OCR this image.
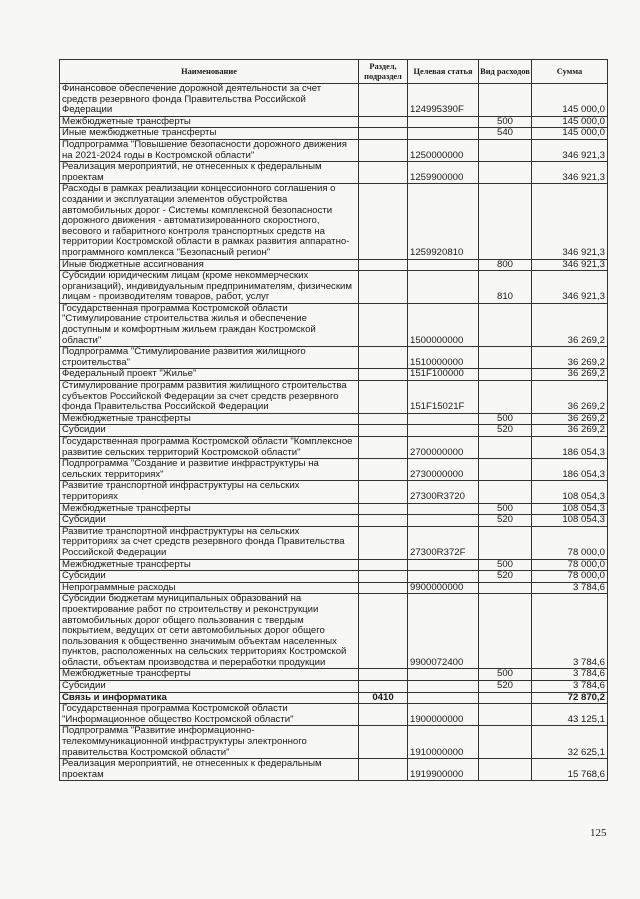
Наименование	Раздел, подраздел	Целевая статья	Вид расходов	Сумма
Финансовое обеспечение дорожной деятельности за счет средств резервного фонда Правительства Российской Федерации		124995390F		145 000,0
Межбюджетные трансферты			500	145 000,0
Иные межбюджетные трансферты			540	145 000,0
Подпрограмма "Повышение безопасности дорожного движения на 2021-2024 годы в Костромской области"		1250000000		346 921,3
Реализация мероприятий, не отнесенных к федеральным проектам		1259900000		346 921,3
Расходы в рамках реализации концессионного соглашения о создании и эксплуатации элементов обустройства автомобильных дорог - Системы комплексной безопасности дорожного движения - автоматизированного скоростного, весового и габаритного контроля транспортных средств на территории Костромской области в рамках развития аппаратно-программного комплекса "Безопасный регион"		1259920810		346 921,3
Иные бюджетные ассигнования			800	346 921,3
Субсидии юридическим лицам (кроме некоммерческих организаций), индивидуальным предпринимателям, физическим лицам - производителям товаров, работ, услуг			810	346 921,3
Государственная программа Костромской области "Стимулирование строительства жилья и обеспечение доступным и комфортным жильем граждан Костромской области"		1500000000		36 269,2
Подпрограмма "Стимулирование развития жилищного строительства"		1510000000		36 269,2
Федеральный проект "Жилье"		151F100000		36 269,2
Стимулирование программ развития жилищного строительства субъектов Российской Федерации за счет средств резервного фонда Правительства Российской Федерации		151F15021F		36 269,2
Межбюджетные трансферты			500	36 269,2
Субсидии			520	36 269,2
Государственная программа Костромской области "Комплексное развитие сельских территорий Костромской области"		2700000000		186 054,3
Подпрограмма "Создание и развитие инфраструктуры на сельских территориях"		2730000000		186 054,3
Развитие транспортной инфраструктуры на сельских территориях		27300R3720		108 054,3
Межбюджетные трансферты			500	108 054,3
Субсидии			520	108 054,3
Развитие транспортной инфраструктуры на сельских территориях за счет средств резервного фонда Правительства Российской Федерации		27300R372F		78 000,0
Межбюджетные трансферты			500	78 000,0
Субсидии			520	78 000,0
Непрограммные расходы		9900000000		3 784,6
Субсидии бюджетам муниципальных образований на проектирование работ по строительству и реконструкции автомобильных дорог общего пользования с твердым покрытием, ведущих от сети автомобильных дорог общего пользования к общественно значимым объектам населенных пунктов, расположенных на сельских территориях Костромской области, объектам производства и переработки продукции		9900072400		3 784,6
Межбюджетные трансферты			500	3 784,6
Субсидии			520	3 784,6
Связь и информатика	0410			72 870,2
Государственная программа Костромской области "Информационное общество Костромской области"		1900000000		43 125,1
Подпрограмма "Развитие информационно-телекоммуникационной инфраструктуры электронного правительства Костромской области"		1910000000		32 625,1
Реализация мероприятий, не отнесенных к федеральным проектам		1919900000		15 768,6
125
